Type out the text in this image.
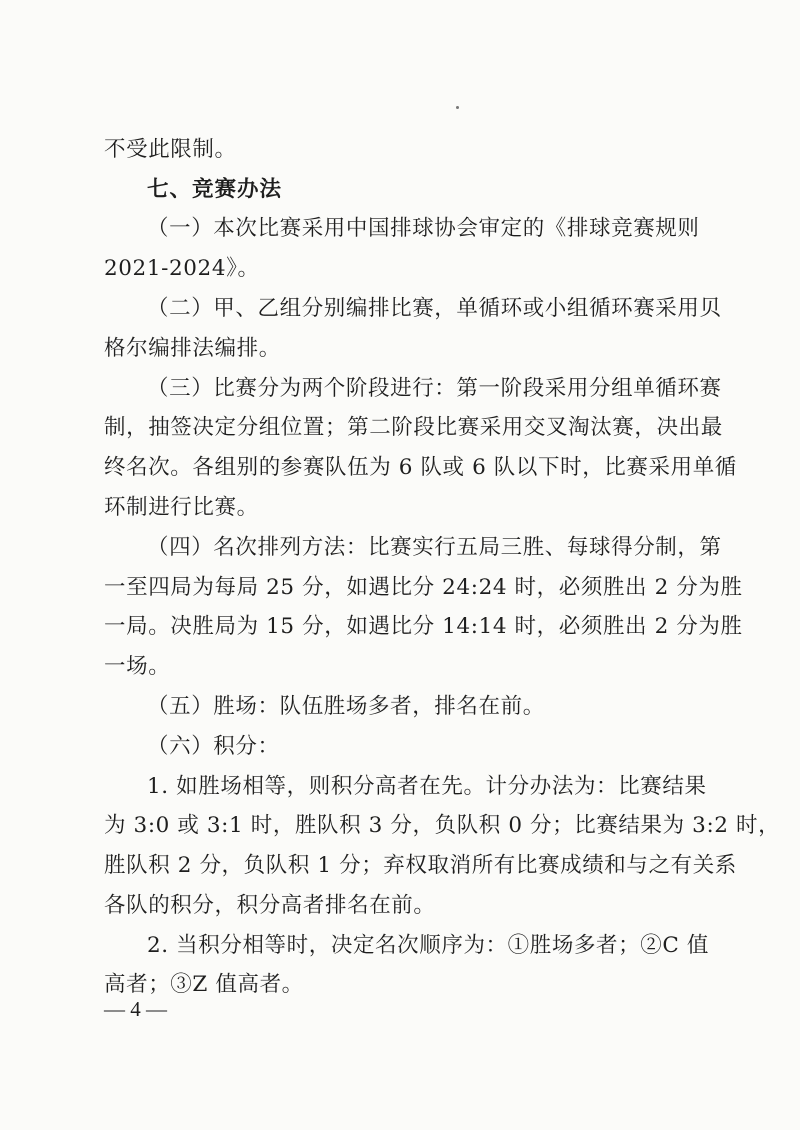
不受此限制。
七、竞赛办法
（一）本次比赛采用中国排球协会审定的《排球竞赛规则
2021-2024》。
（二）甲、乙组分别编排比赛，单循环或小组循环赛采用贝
格尔编排法编排。
（三）比赛分为两个阶段进行：第一阶段采用分组单循环赛
制，抽签决定分组位置；第二阶段比赛采用交叉淘汰赛，决出最
终名次。各组别的参赛队伍为 6 队或 6 队以下时，比赛采用单循
环制进行比赛。
（四）名次排列方法：比赛实行五局三胜、每球得分制，第
一至四局为每局 25 分，如遇比分 24:24 时，必须胜出 2 分为胜
一局。决胜局为 15 分，如遇比分 14:14 时，必须胜出 2 分为胜
一场。
（五）胜场：队伍胜场多者，排名在前。
（六）积分：
1. 如胜场相等，则积分高者在先。计分办法为：比赛结果
为 3:0 或 3:1 时，胜队积 3 分，负队积 0 分；比赛结果为 3:2 时，
胜队积 2 分，负队积 1 分；弃权取消所有比赛成绩和与之有关系
各队的积分，积分高者排名在前。
2. 当积分相等时，决定名次顺序为：①胜场多者；②C 值
高者；③Z 值高者。
— 4 —
